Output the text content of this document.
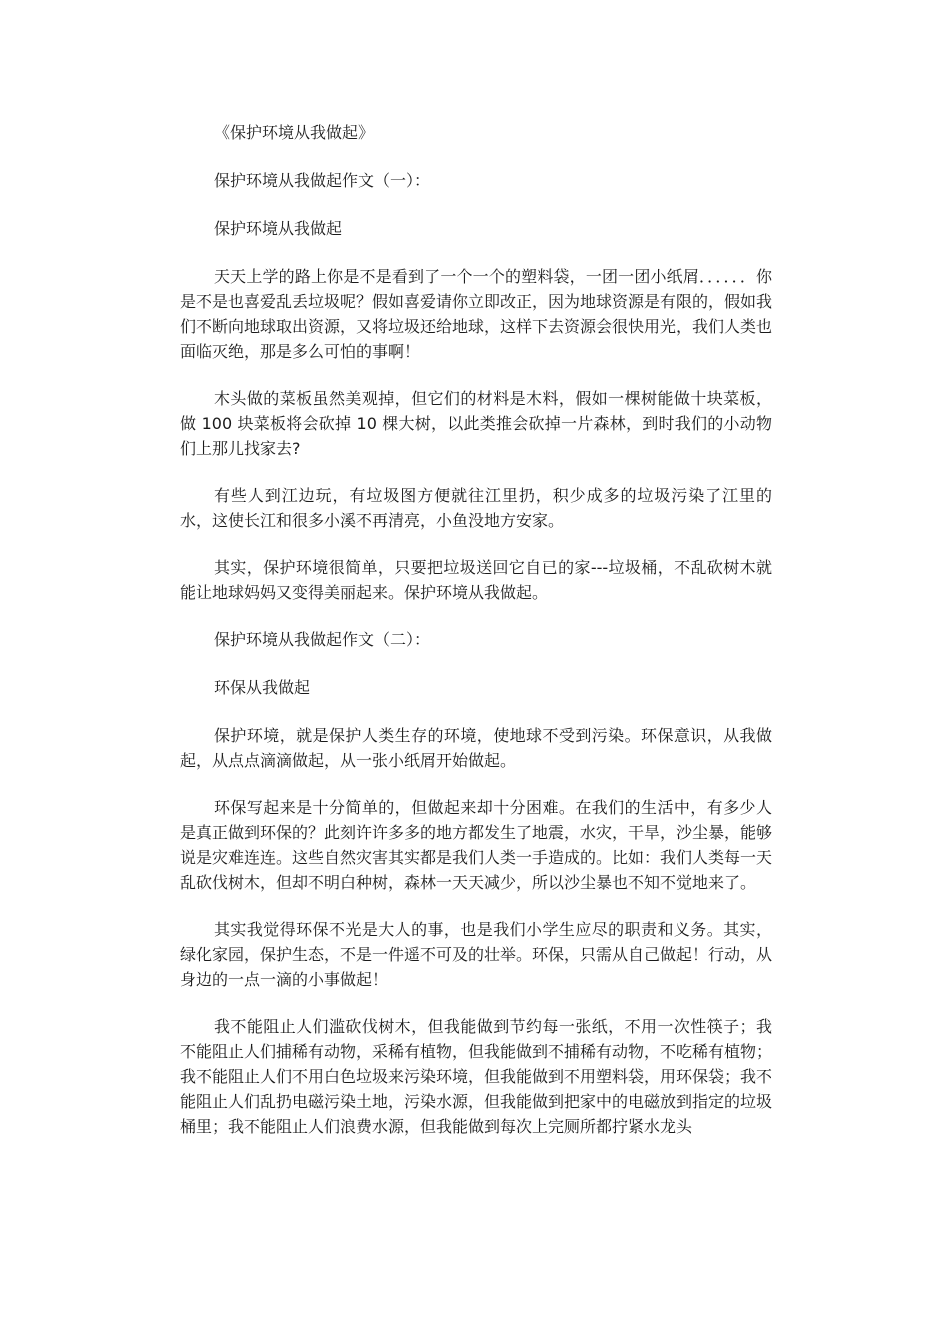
《保护环境从我做起》
保护环境从我做起作文（一）：
保护环境从我做起

天天上学的路上你是不是看到了一个一个的塑料袋，一团一团小纸屑．．．．．．你是不是也喜爱乱丢垃圾呢？假如喜爱请你立即改正，因为地球资源是有限的，假如我们不断向地球取出资源，又将垃圾还给地球，这样下去资源会很快用光，我们人类也面临灭绝，那是多么可怕的事啊！

木头做的菜板虽然美观掉，但它们的材料是木料，假如一棵树能做十块菜板，做 100 块菜板将会砍掉 10 棵大树，以此类推会砍掉一片森林，到时我们的小动物们上那儿找家去?

有些人到江边玩，有垃圾图方便就往江里扔，积少成多的垃圾污染了江里的水，这使长江和很多小溪不再清亮，小鱼没地方安家。

其实，保护环境很简单，只要把垃圾送回它自已的家---垃圾桶，不乱砍树木就能让地球妈妈又变得美丽起来。保护环境从我做起。

保护环境从我做起作文（二）：
环保从我做起

保护环境，就是保护人类生存的环境，使地球不受到污染。环保意识，从我做起，从点点滴滴做起，从一张小纸屑开始做起。

环保写起来是十分简单的，但做起来却十分困难。在我们的生活中，有多少人是真正做到环保的？此刻许许多多的地方都发生了地震，水灾，干旱，沙尘暴，能够说是灾难连连。这些自然灾害其实都是我们人类一手造成的。比如：我们人类每一天乱砍伐树木，但却不明白种树，森林一天天减少，所以沙尘暴也不知不觉地来了。

其实我觉得环保不光是大人的事，也是我们小学生应尽的职责和义务。其实，绿化家园，保护生态，不是一件遥不可及的壮举。环保，只需从自己做起！行动，从身边的一点一滴的小事做起！

我不能阻止人们滥砍伐树木，但我能做到节约每一张纸，不用一次性筷子；我不能阻止人们捕稀有动物，采稀有植物，但我能做到不捕稀有动物，不吃稀有植物；我不能阻止人们不用白色垃圾来污染环境，但我能做到不用塑料袋，用环保袋；我不能阻止人们乱扔电磁污染土地，污染水源，但我能做到把家中的电磁放到指定的垃圾桶里；我不能阻止人们浪费水源，但我能做到每次上完厕所都拧紧水龙头
